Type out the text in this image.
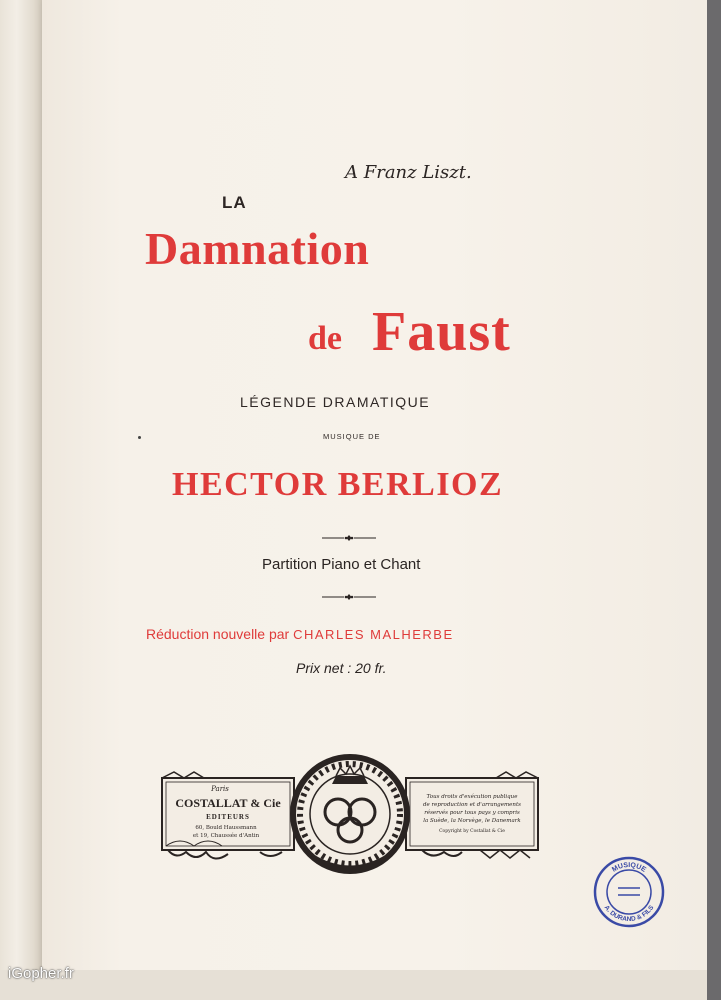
A Franz Liszt.
LA
Damnation
de Faust
LÉGENDE DRAMATIQUE
MUSIQUE DE
HECTOR BERLIOZ
Partition Piano et Chant
Réduction nouvelle par CHARLES MALHERBE
Prix net : 20 fr.
Paris
COSTALLAT & Cie
EDITEURS
60, Bould Haussmann
et 19, Chaussée d'Antin
Tous droits d'exécution publique
de reproduction et d'arrangements
réservés pour tous pays y compris
la Suède, la Norvège, le Danemark
Copyright by Costallat & Cie
MUSIQUE
A. DURAND & FILS
iGopher.fr
